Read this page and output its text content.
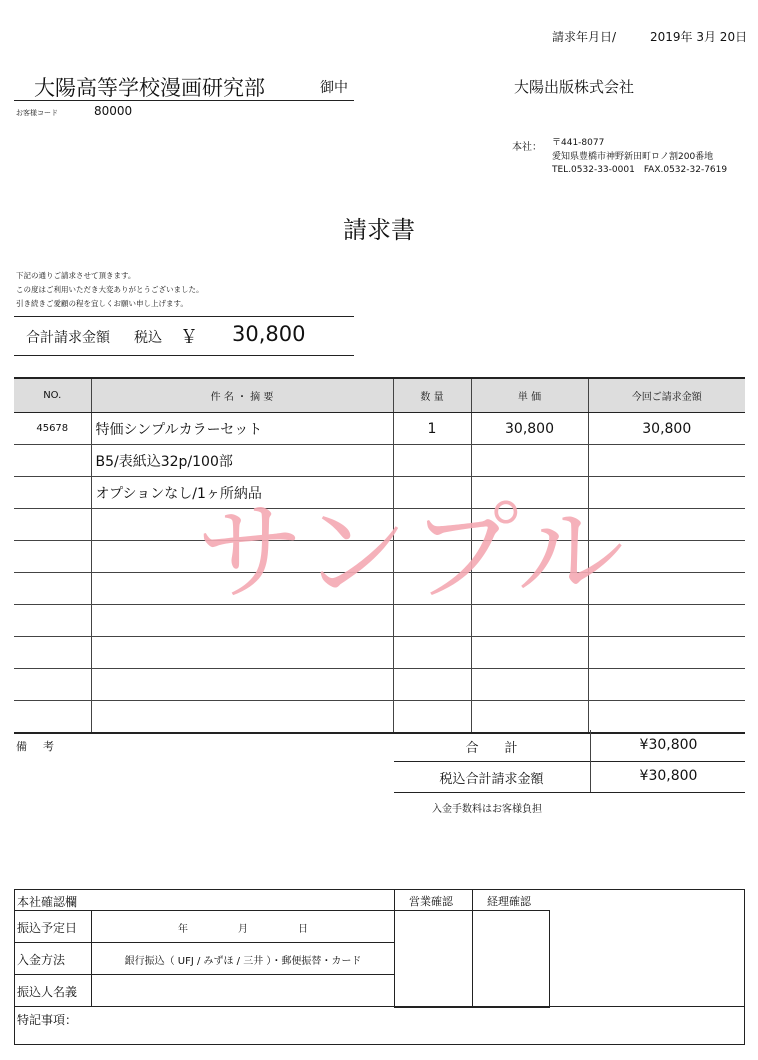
請求年月日/	2019年 3月 20日
大陽高等学校漫画研究部	御中
お客様コード	80000
大陽出版株式会社
本社： 〒441-8077
愛知県豊橋市神野新田町ロノ割200番地
TEL.0532-33-0001　FAX.0532-32-7619
請求書
下記の通りご請求させて頂きます。
この度はご利用いただき大変ありがとうございました。
引き続きご愛顧の程を宜しくお願い申し上げます。
合計請求金額 税込 ￥ 30,800
NO.	件 名 ・ 摘 要	数 量	単 価	今回ご請求金額
45678	特価シンプルカラーセット	1	30,800	30,800
	B5/表紙込32p/100部			
	オプションなし/1ヶ所納品			

サンプル
備考	合　　計	¥30,800
税込合計請求金額	¥30,800
入金手数料はお客様負担
本社確認欄
振込予定日	年　　　　　月　　　　　日
入金方法	銀行振込（ UFJ / みずほ / 三井 ）・郵便振替・カード
振込人名義
営業確認	経理確認
特記事項：
